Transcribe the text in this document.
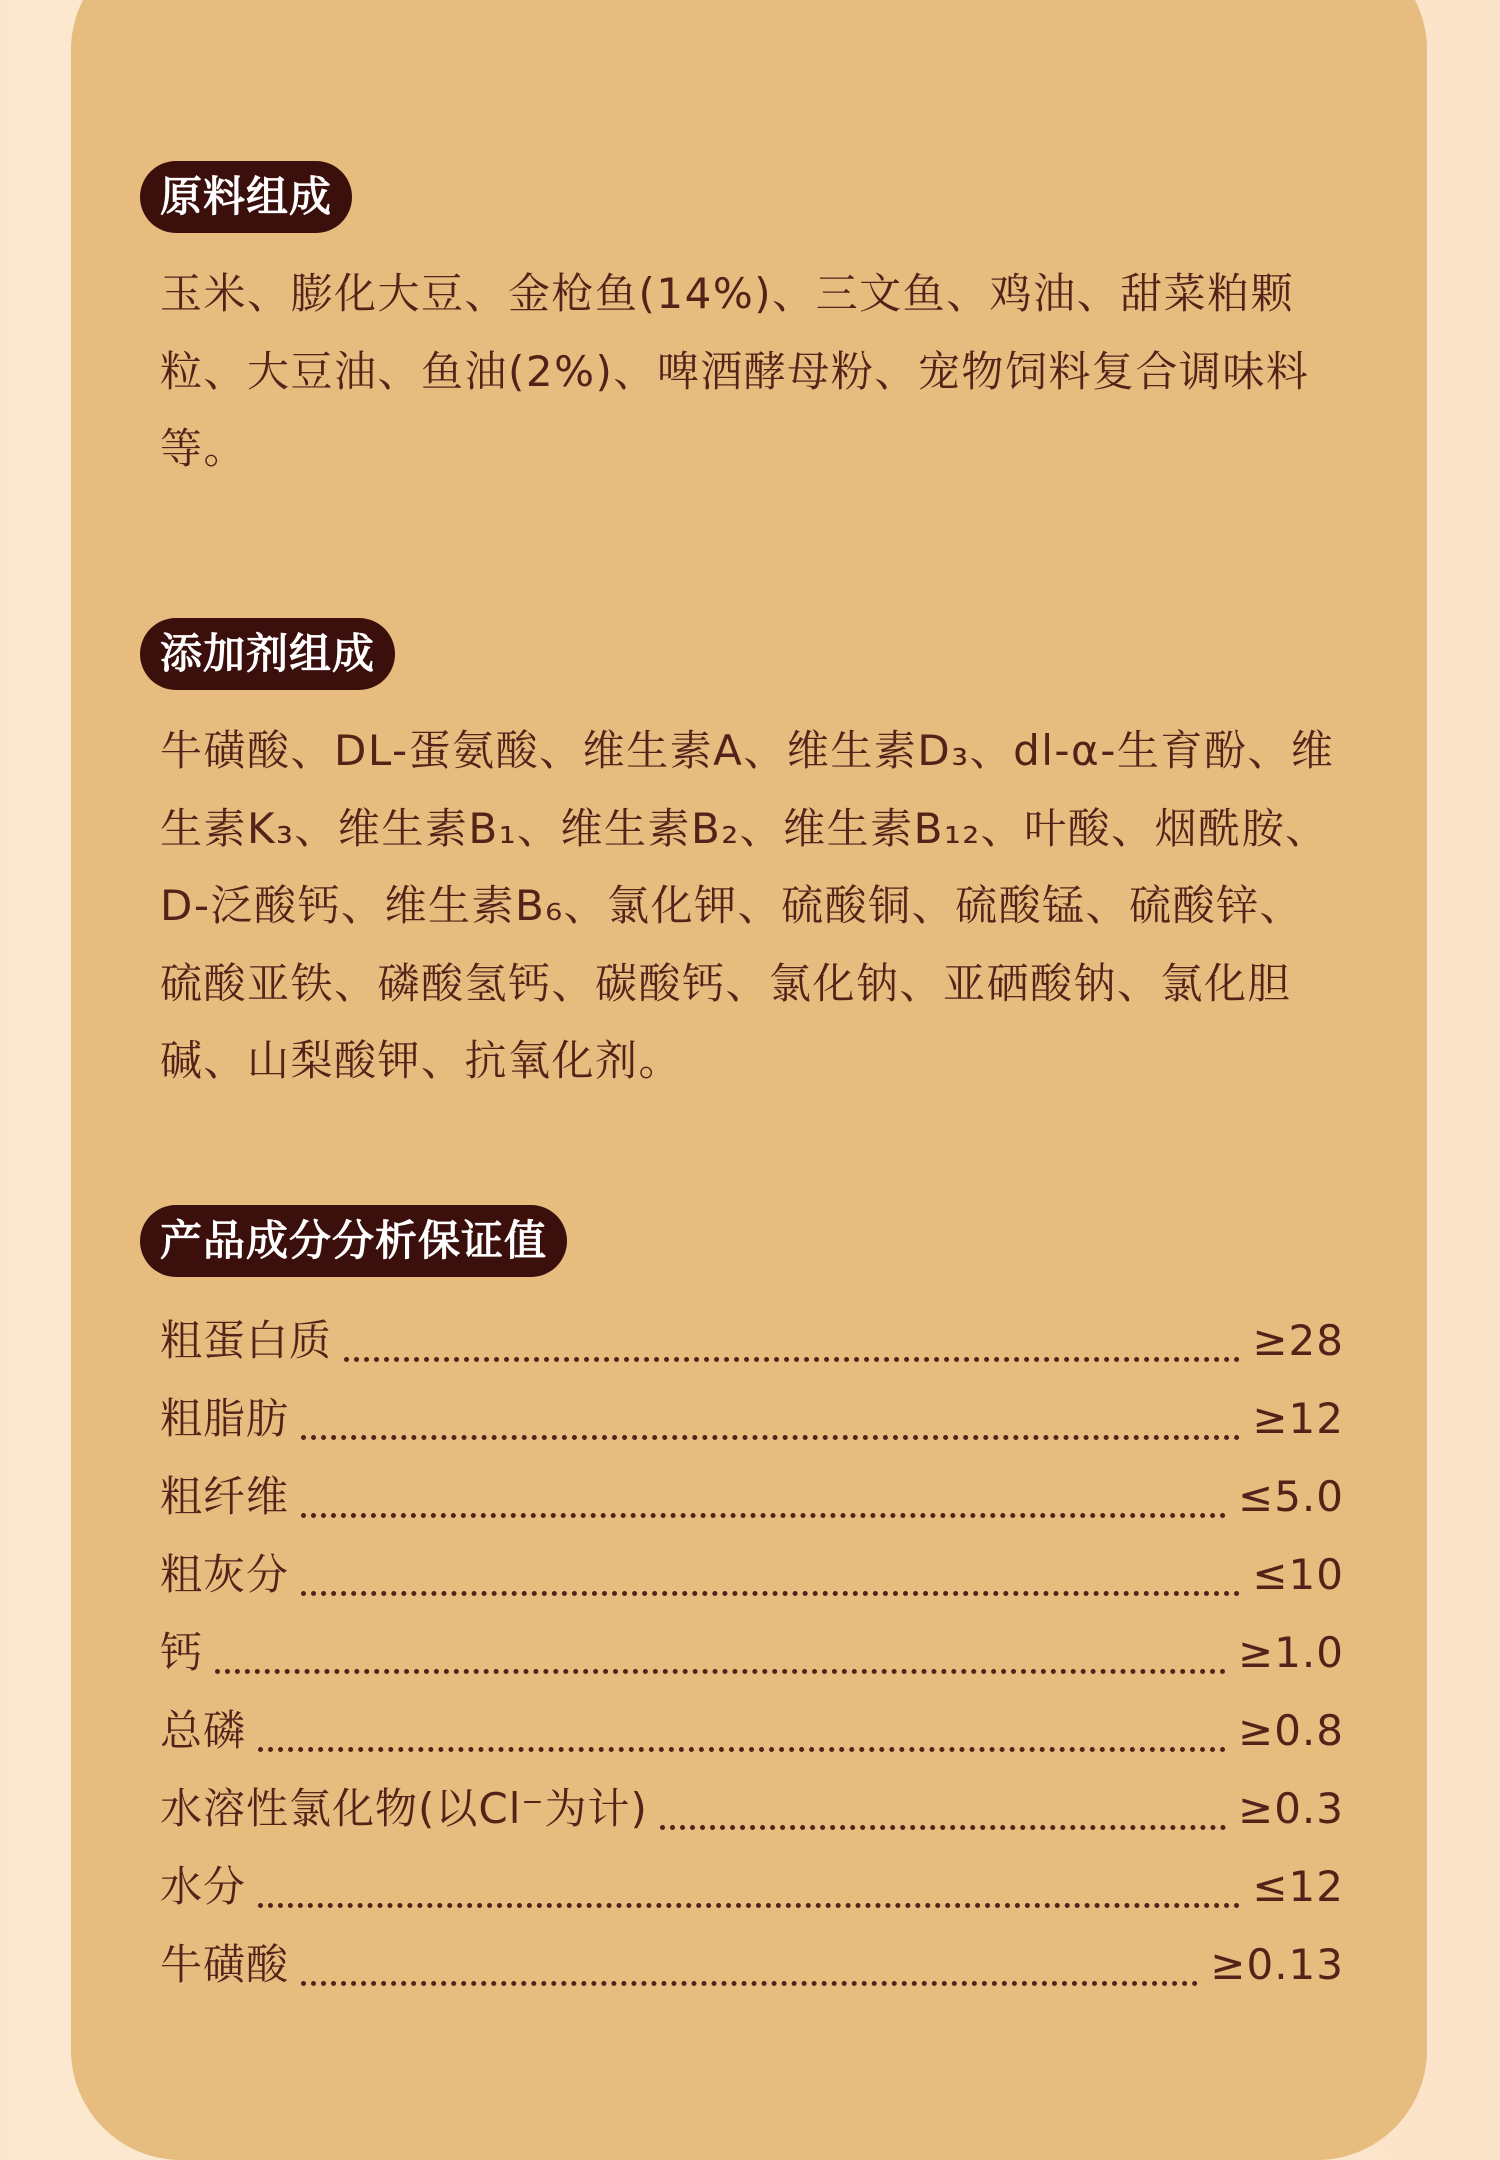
原料组成
玉米、膨化大豆、金枪鱼(14%)、三文鱼、鸡油、甜菜粕颗粒、大豆油、鱼油(2%)、啤酒酵母粉、宠物饲料复合调味料等。
添加剂组成
牛磺酸、DL-蛋氨酸、维生素A、维生素D₃、dl-α-生育酚、维生素K₃、维生素B₁、维生素B₂、维生素B₁₂、叶酸、烟酰胺、D-泛酸钙、维生素B₆、氯化钾、硫酸铜、硫酸锰、硫酸锌、硫酸亚铁、磷酸氢钙、碳酸钙、氯化钠、亚硒酸钠、氯化胆碱、山梨酸钾、抗氧化剂。
产品成分分析保证值
粗蛋白质	≥28
粗脂肪	≥12
粗纤维	≤5.0
粗灰分	≤10
钙	≥1.0
总磷	≥0.8
水溶性氯化物(以Cl⁻为计)	≥0.3
水分	≤12
牛磺酸	≥0.13
